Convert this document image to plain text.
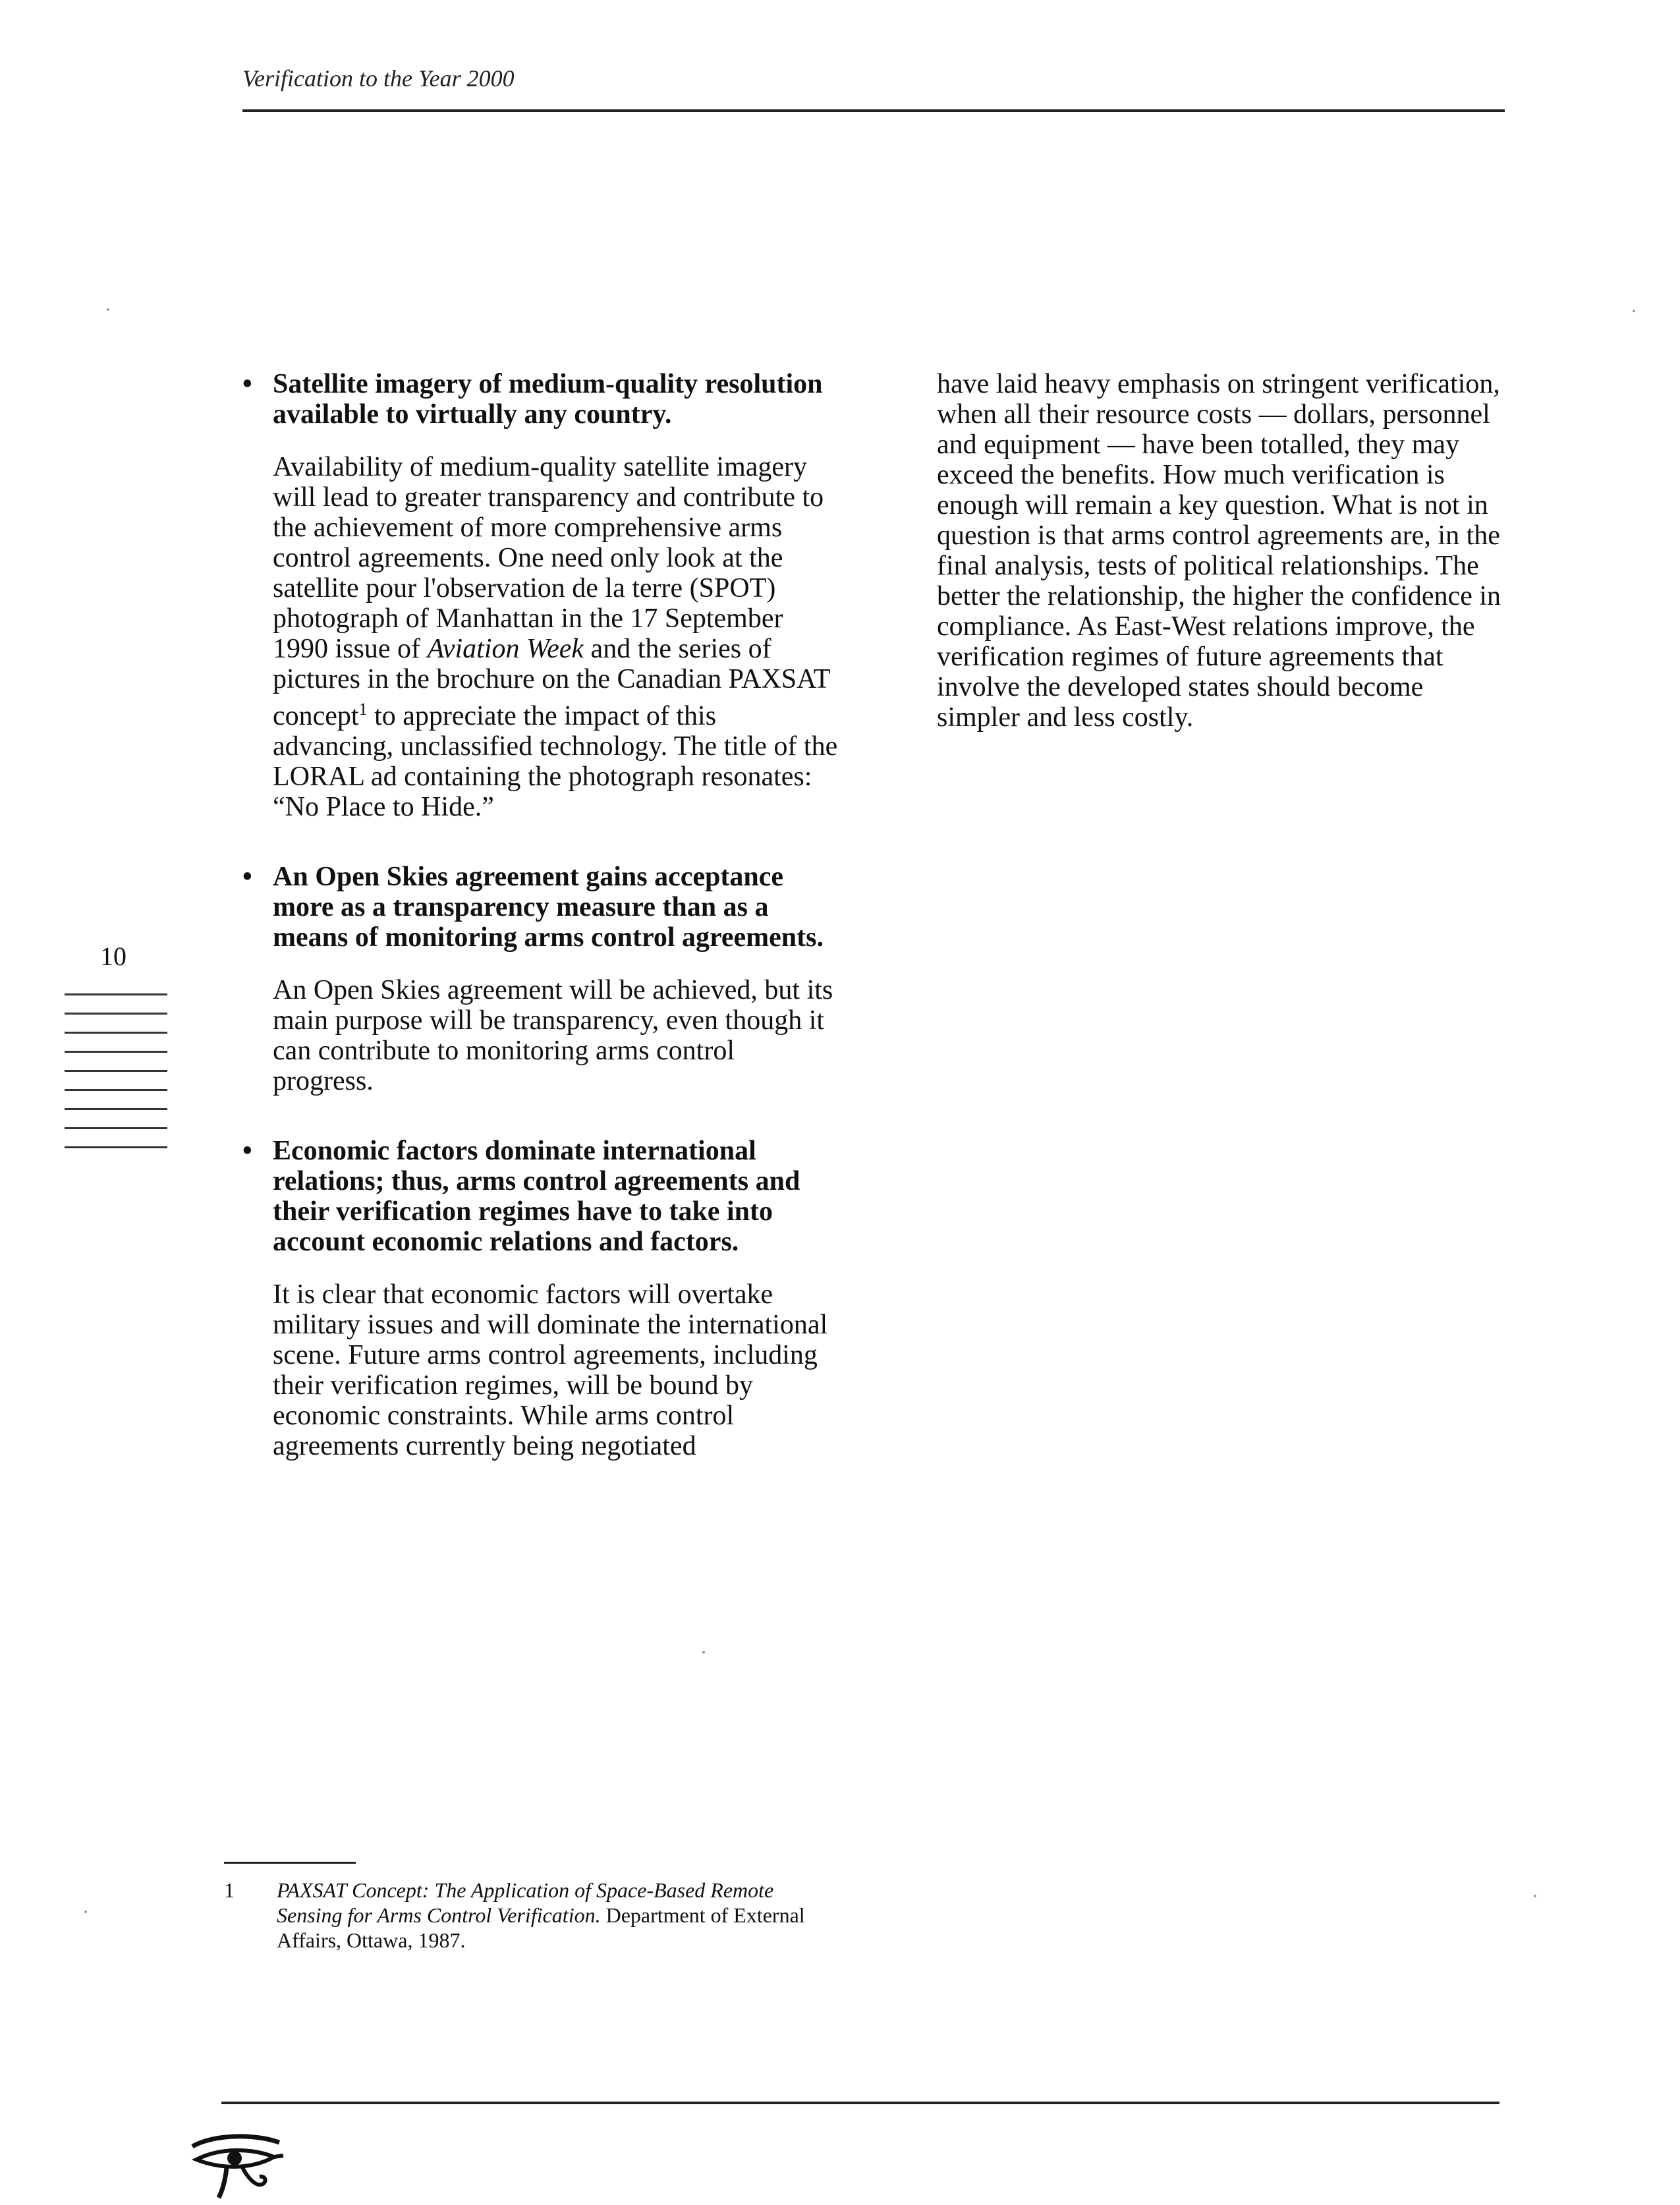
Verification to the Year 2000
10

• Satellite imagery of medium-quality resolution available to virtually any country.

Availability of medium-quality satellite imagery will lead to greater transparency and contribute to the achievement of more comprehensive arms control agreements. One need only look at the satellite pour l'observation de la terre (SPOT) photograph of Manhattan in the 17 September 1990 issue of Aviation Week and the series of pictures in the brochure on the Canadian PAXSAT concept$^1$ to appreciate the impact of this advancing, unclassified technology. The title of the LORAL ad containing the photograph resonates: “No Place to Hide.”

• An Open Skies agreement gains acceptance more as a transparency measure than as a means of monitoring arms control agreements.

An Open Skies agreement will be achieved, but its main purpose will be transparency, even though it can contribute to monitoring arms control progress.

• Economic factors dominate international relations; thus, arms control agreements and their verification regimes have to take into account economic relations and factors.

It is clear that economic factors will overtake military issues and will dominate the international scene. Future arms control agreements, including their verification regimes, will be bound by economic constraints. While arms control agreements currently being negotiated

have laid heavy emphasis on stringent verification, when all their resource costs — dollars, personnel and equipment — have been totalled, they may exceed the benefits. How much verification is enough will remain a key question. What is not in question is that arms control agreements are, in the final analysis, tests of political relationships. The better the relationship, the higher the confidence in compliance. As East-West relations improve, the verification regimes of future agreements that involve the developed states should become simpler and less costly.

1 PAXSAT Concept: The Application of Space-Based Remote Sensing for Arms Control Verification. Department of External Affairs, Ottawa, 1987.
